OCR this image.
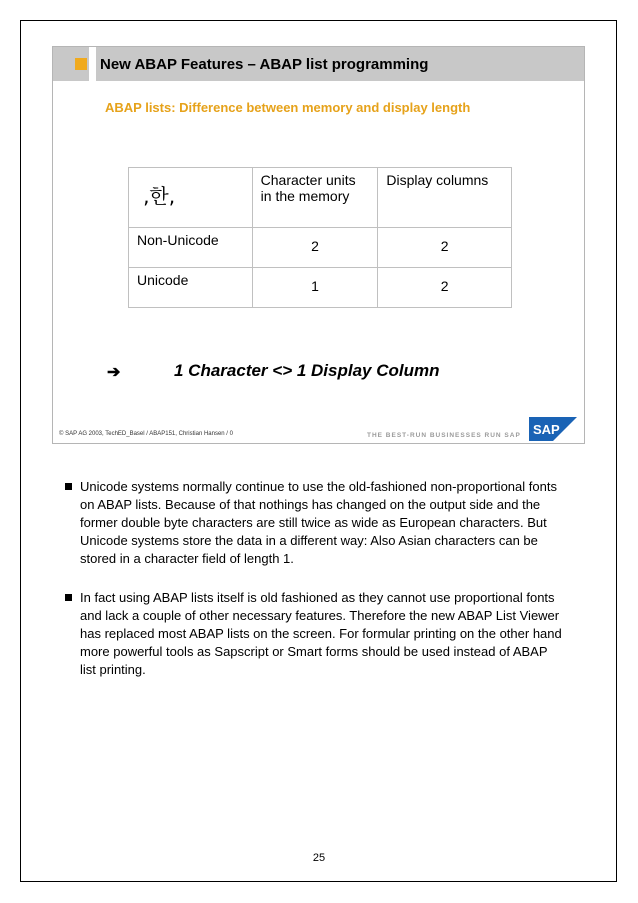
New ABAP Features – ABAP list programming
ABAP lists: Difference between memory and display length
‚한‚	Character units in the memory	Display columns
Non-Unicode	2	2
Unicode	1	2
➔	1 Character <> 1 Display Column
© SAP AG 2003, TechED_Basel / ABAP151, Christian Hansen / 0	THE BEST-RUN BUSINESSES RUN SAP SAP
Unicode systems normally continue to use the old-fashioned non-proportional fonts on ABAP lists. Because of that nothings has changed on the output side and the former double byte characters are still twice as wide as European characters. But Unicode systems store the data in a different way: Also Asian characters can be stored in a character field of length 1.
In fact using ABAP lists itself is old fashioned as they cannot use proportional fonts and lack a couple of other necessary features. Therefore the new ABAP List Viewer has replaced most ABAP lists on the screen. For formular printing on the other hand more powerful tools as Sapscript or Smart forms should be used instead of ABAP list printing.
25
